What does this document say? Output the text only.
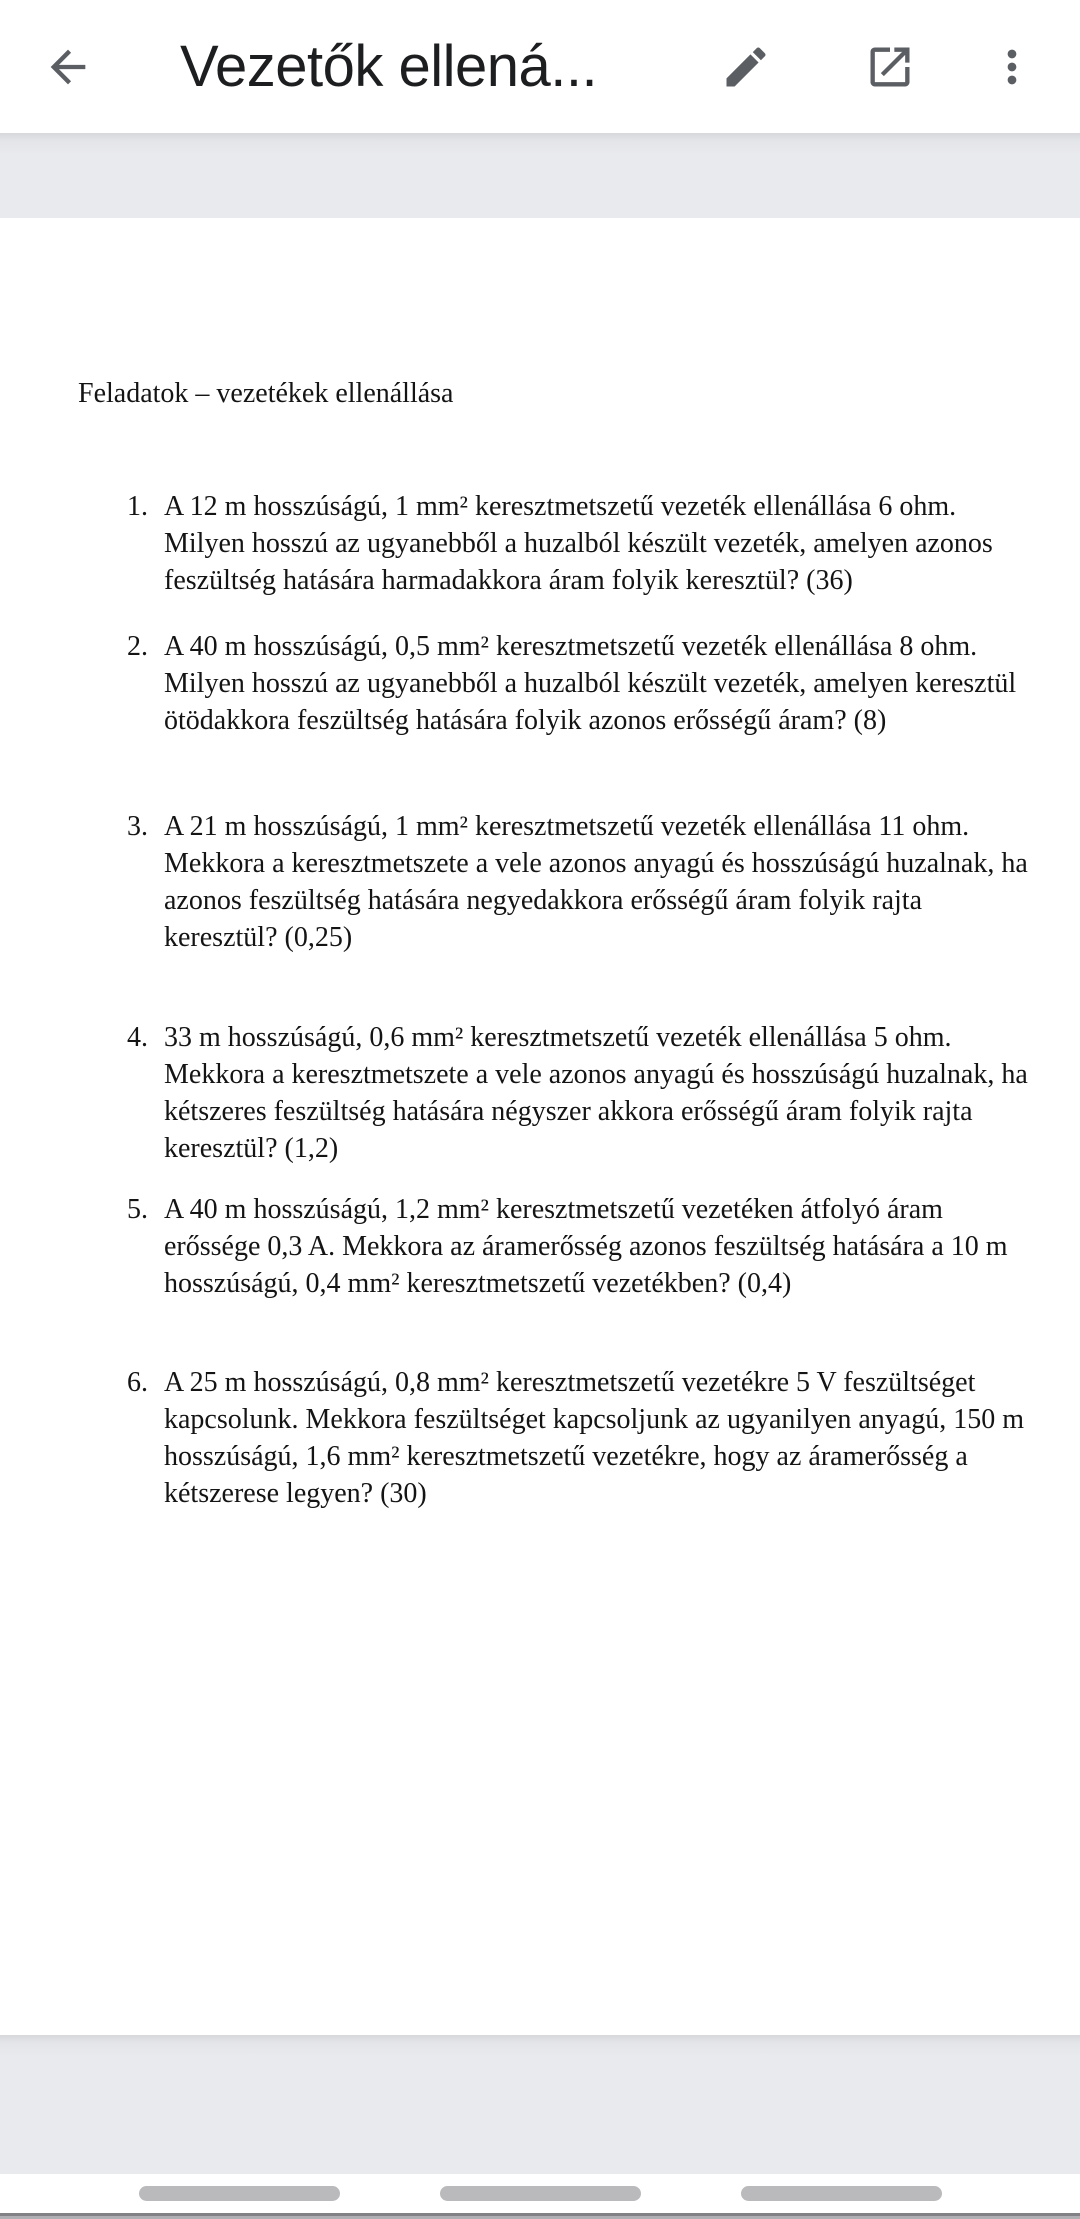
Vezetők ellená...

Feladatok – vezetékek ellenállása

1. A 12 m hosszúságú, 1 mm² keresztmetszetű vezeték ellenállása 6 ohm. Milyen hosszú az ugyanebből a huzalból készült vezeték, amelyen azonos feszültség hatására harmadakkora áram folyik keresztül? (36)
2. A 40 m hosszúságú, 0,5 mm² keresztmetszetű vezeték ellenállása 8 ohm. Milyen hosszú az ugyanebből a huzalból készült vezeték, amelyen keresztül ötödakkora feszültség hatására folyik azonos erősségű áram? (8)
3. A 21 m hosszúságú, 1 mm² keresztmetszetű vezeték ellenállása 11 ohm. Mekkora a keresztmetszete a vele azonos anyagú és hosszúságú huzalnak, ha azonos feszültség hatására negyedakkora erősségű áram folyik rajta keresztül? (0,25)
4. 33 m hosszúságú, 0,6 mm² keresztmetszetű vezeték ellenállása 5 ohm. Mekkora a keresztmetszete a vele azonos anyagú és hosszúságú huzalnak, ha kétszeres feszültség hatására négyszer akkora erősségű áram folyik rajta keresztül? (1,2)
5. A 40 m hosszúságú, 1,2 mm² keresztmetszetű vezetéken átfolyó áram erőssége 0,3 A. Mekkora az áramerősség azonos feszültség hatására a 10 m hosszúságú, 0,4 mm² keresztmetszetű vezetékben? (0,4)
6. A 25 m hosszúságú, 0,8 mm² keresztmetszetű vezetékre 5 V feszültséget kapcsolunk. Mekkora feszültséget kapcsoljunk az ugyanilyen anyagú, 150 m hosszúságú, 1,6 mm² keresztmetszetű vezetékre, hogy az áramerősség a kétszerese legyen? (30)
